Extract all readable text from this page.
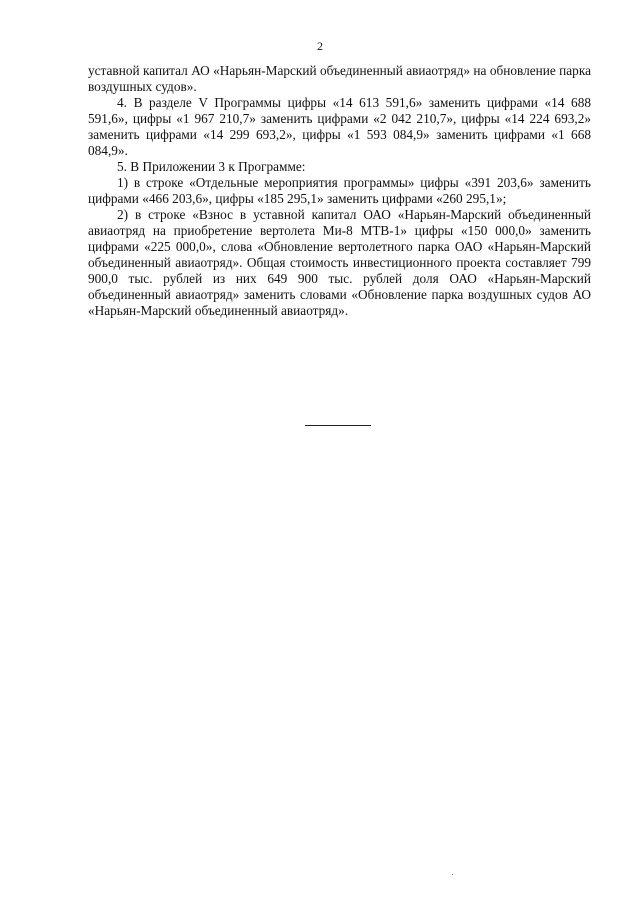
2

уставной капитал АО «Нарьян-Марский объединенный авиаотряд» на обновление парка воздушных судов».

4. В разделе V Программы цифры «14 613 591,6» заменить цифрами «14 688 591,6», цифры «1 967 210,7» заменить цифрами «2 042 210,7», цифры «14 224 693,2» заменить цифрами «14 299 693,2», цифры «1 593 084,9» заменить цифрами «1 668 084,9».

5. В Приложении 3 к Программе:

1) в строке «Отдельные мероприятия программы» цифры «391 203,6» заменить цифрами «466 203,6», цифры «185 295,1» заменить цифрами «260 295,1»;

2) в строке «Взнос в уставной капитал ОАО «Нарьян-Марский объединенный авиаотряд на приобретение вертолета Ми-8 МТВ-1» цифры «150 000,0» заменить цифрами «225 000,0», слова «Обновление вертолетного парка ОАО «Нарьян-Марский объединенный авиаотряд». Общая стоимость инвестиционного проекта составляет 799 900,0 тыс. рублей из них 649 900 тыс. рублей доля ОАО «Нарьян-Марский объединенный авиаотряд» заменить словами «Обновление парка воздушных судов АО «Нарьян-Марский объединенный авиаотряд».
